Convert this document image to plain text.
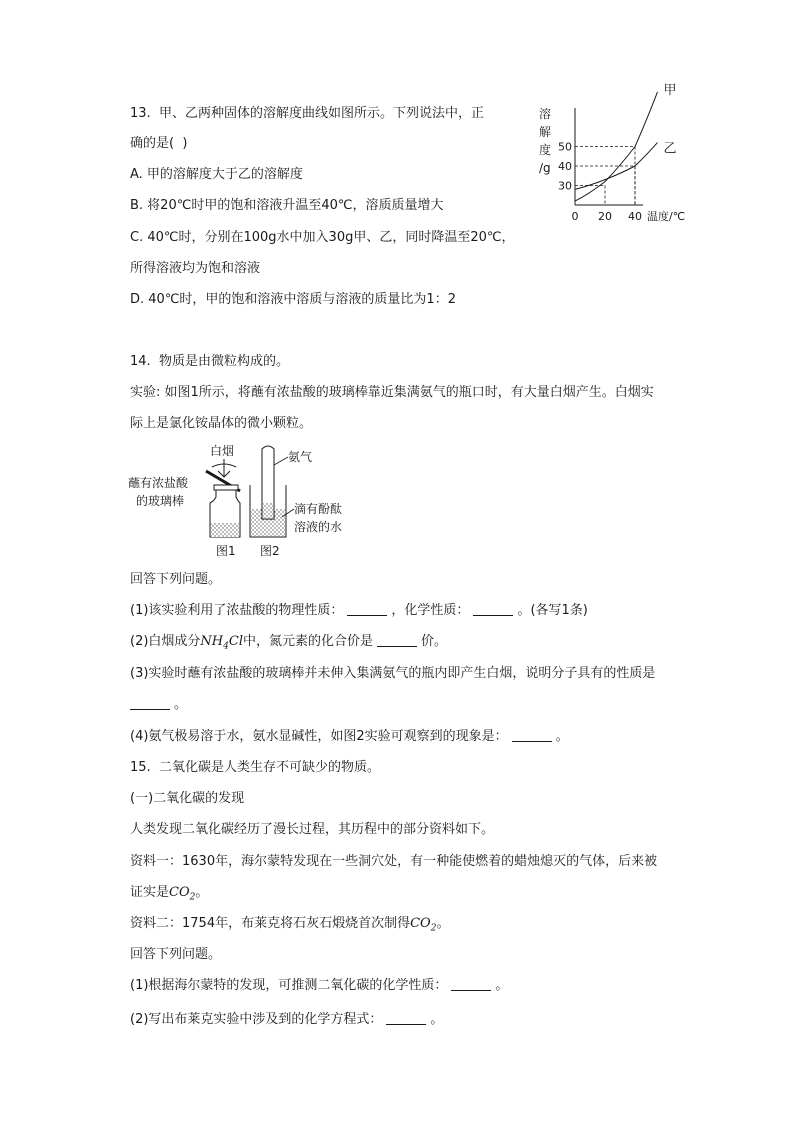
13.  甲、乙两种固体的溶解度曲线如图所示。下列说法中，正
确的是(  )
A. 甲的溶解度大于乙的溶解度
B. 将20℃时甲的饱和溶液升温至40℃，溶质质量增大
C. 40℃时，分别在100g水中加入30g甲、乙，同时降温至20℃，
所得溶液均为饱和溶液
D. 40℃时，甲的饱和溶液中溶质与溶液的质量比为1：2
溶
解
度
/g
30
40
50
0 20 40 温度/℃
甲
乙
14.  物质是由微粒构成的。
实验: 如图1所示，将蘸有浓盐酸的玻璃棒靠近集满氨气的瓶口时，有大量白烟产生。白烟实
际上是氯化铵晶体的微小颗粒。
白烟
蘸有浓盐酸
的玻璃棒
氨气
滴有酚酞
溶液的水
图1 图2
回答下列问题。
(1)该实验利用了浓盐酸的物理性质：	，化学性质：	。(各写1条)
(2)白烟成分$NH_4Cl$中，氮元素的化合价是	价。
(3)实验时蘸有浓盐酸的玻璃棒并未伸入集满氨气的瓶内即产生白烟，说明分子具有的性质是
。
(4)氨气极易溶于水，氨水显碱性，如图2实验可观察到的现象是：	。
15.  二氧化碳是人类生存不可缺少的物质。
(一)二氧化碳的发现
人类发现二氧化碳经历了漫长过程，其历程中的部分资料如下。
资料一：1630年，海尔蒙特发现在一些洞穴处，有一种能使燃着的蜡烛熄灭的气体，后来被
证实是$CO_2$。
资料二：1754年，布莱克将石灰石煅烧首次制得$CO_2$。
回答下列问题。
(1)根据海尔蒙特的发现，可推测二氧化碳的化学性质：	。
(2)写出布莱克实验中涉及到的化学方程式：	。
